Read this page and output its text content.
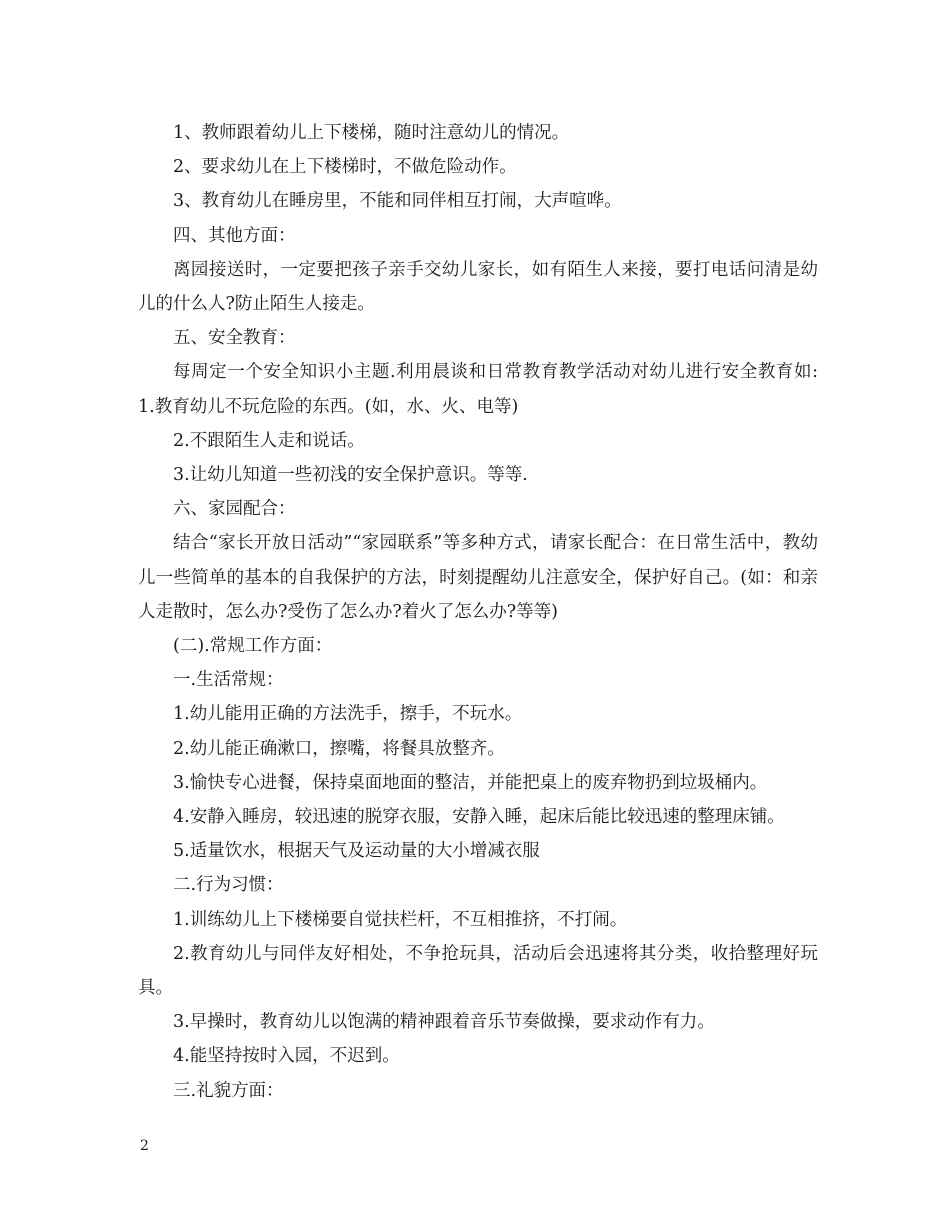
1、教师跟着幼儿上下楼梯，随时注意幼儿的情况。

2、要求幼儿在上下楼梯时，不做危险动作。

3、教育幼儿在睡房里，不能和同伴相互打闹，大声喧哗。

四、其他方面：

离园接送时，一定要把孩子亲手交幼儿家长，如有陌生人来接，要打电话问清是幼儿的什么人?防止陌生人接走。

五、安全教育：

每周定一个安全知识小主题.利用晨谈和日常教育教学活动对幼儿进行安全教育如: 1.教育幼儿不玩危险的东西。(如，水、火、电等)

2.不跟陌生人走和说话。

3.让幼儿知道一些初浅的安全保护意识。等等.

六、家园配合：

结合“家长开放日活动”“家园联系”等多种方式，请家长配合：在日常生活中，教幼儿一些简单的基本的自我保护的方法，时刻提醒幼儿注意安全，保护好自己。(如：和亲人走散时，怎么办?受伤了怎么办?着火了怎么办?等等)

(二).常规工作方面：

一.生活常规：

1.幼儿能用正确的方法洗手，擦手，不玩水。

2.幼儿能正确漱口，擦嘴，将餐具放整齐。

3.愉快专心进餐，保持桌面地面的整洁，并能把桌上的废弃物扔到垃圾桶内。

4.安静入睡房，较迅速的脱穿衣服，安静入睡，起床后能比较迅速的整理床铺。

5.适量饮水，根据天气及运动量的大小增减衣服

二.行为习惯：

1.训练幼儿上下楼梯要自觉扶栏杆，不互相推挤，不打闹。

2.教育幼儿与同伴友好相处，不争抢玩具，活动后会迅速将其分类，收拾整理好玩具。

3.早操时，教育幼儿以饱满的精神跟着音乐节奏做操，要求动作有力。

4.能坚持按时入园，不迟到。

三.礼貌方面：

2
